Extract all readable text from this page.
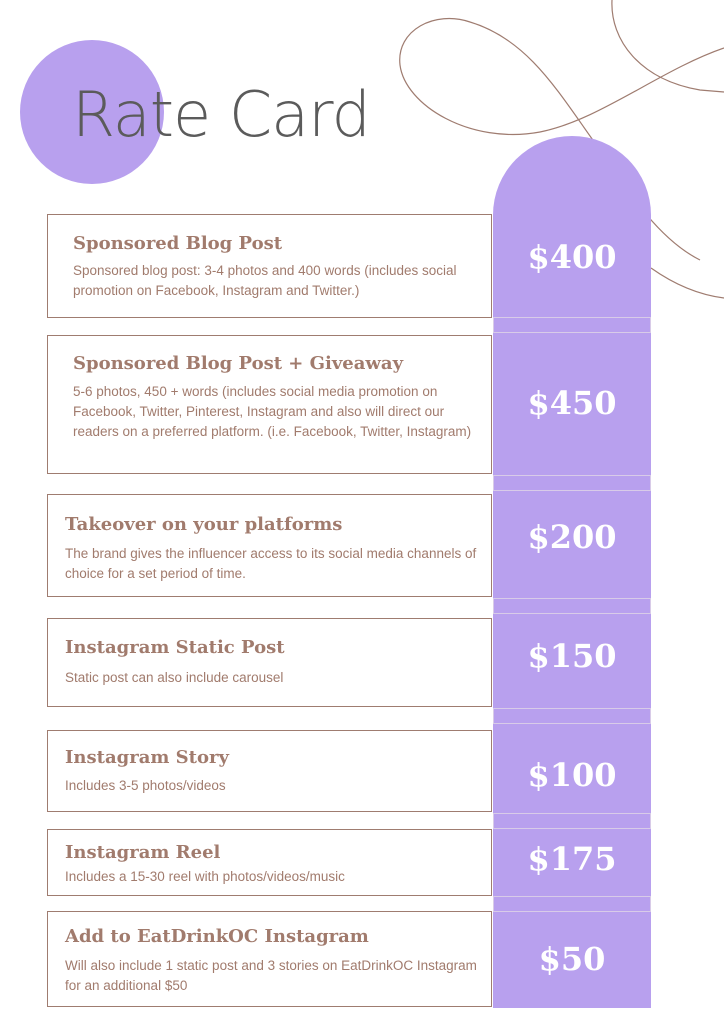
Rate Card
Sponsored Blog Post
Sponsored blog post: 3-4 photos and 400 words (includes social promotion on Facebook, Instagram and Twitter.)
$400
Sponsored Blog Post + Giveaway
5-6 photos, 450 + words (includes social media promotion on Facebook, Twitter, Pinterest, Instagram and also will direct our readers on a preferred platform. (i.e. Facebook, Twitter, Instagram)
$450
Takeover on your platforms
The brand gives the influencer access to its social media channels of choice for a set period of time.
$200
Instagram Static Post
Static post can also include carousel
$150
Instagram Story
Includes 3-5 photos/videos	$100
Instagram Reel
Includes a 15-30 reel with photos/videos/music	$175
Add to EatDrinkOC Instagram
Will also include 1 static post and 3 stories on EatDrinkOC Instagram for an additional $50
$50
